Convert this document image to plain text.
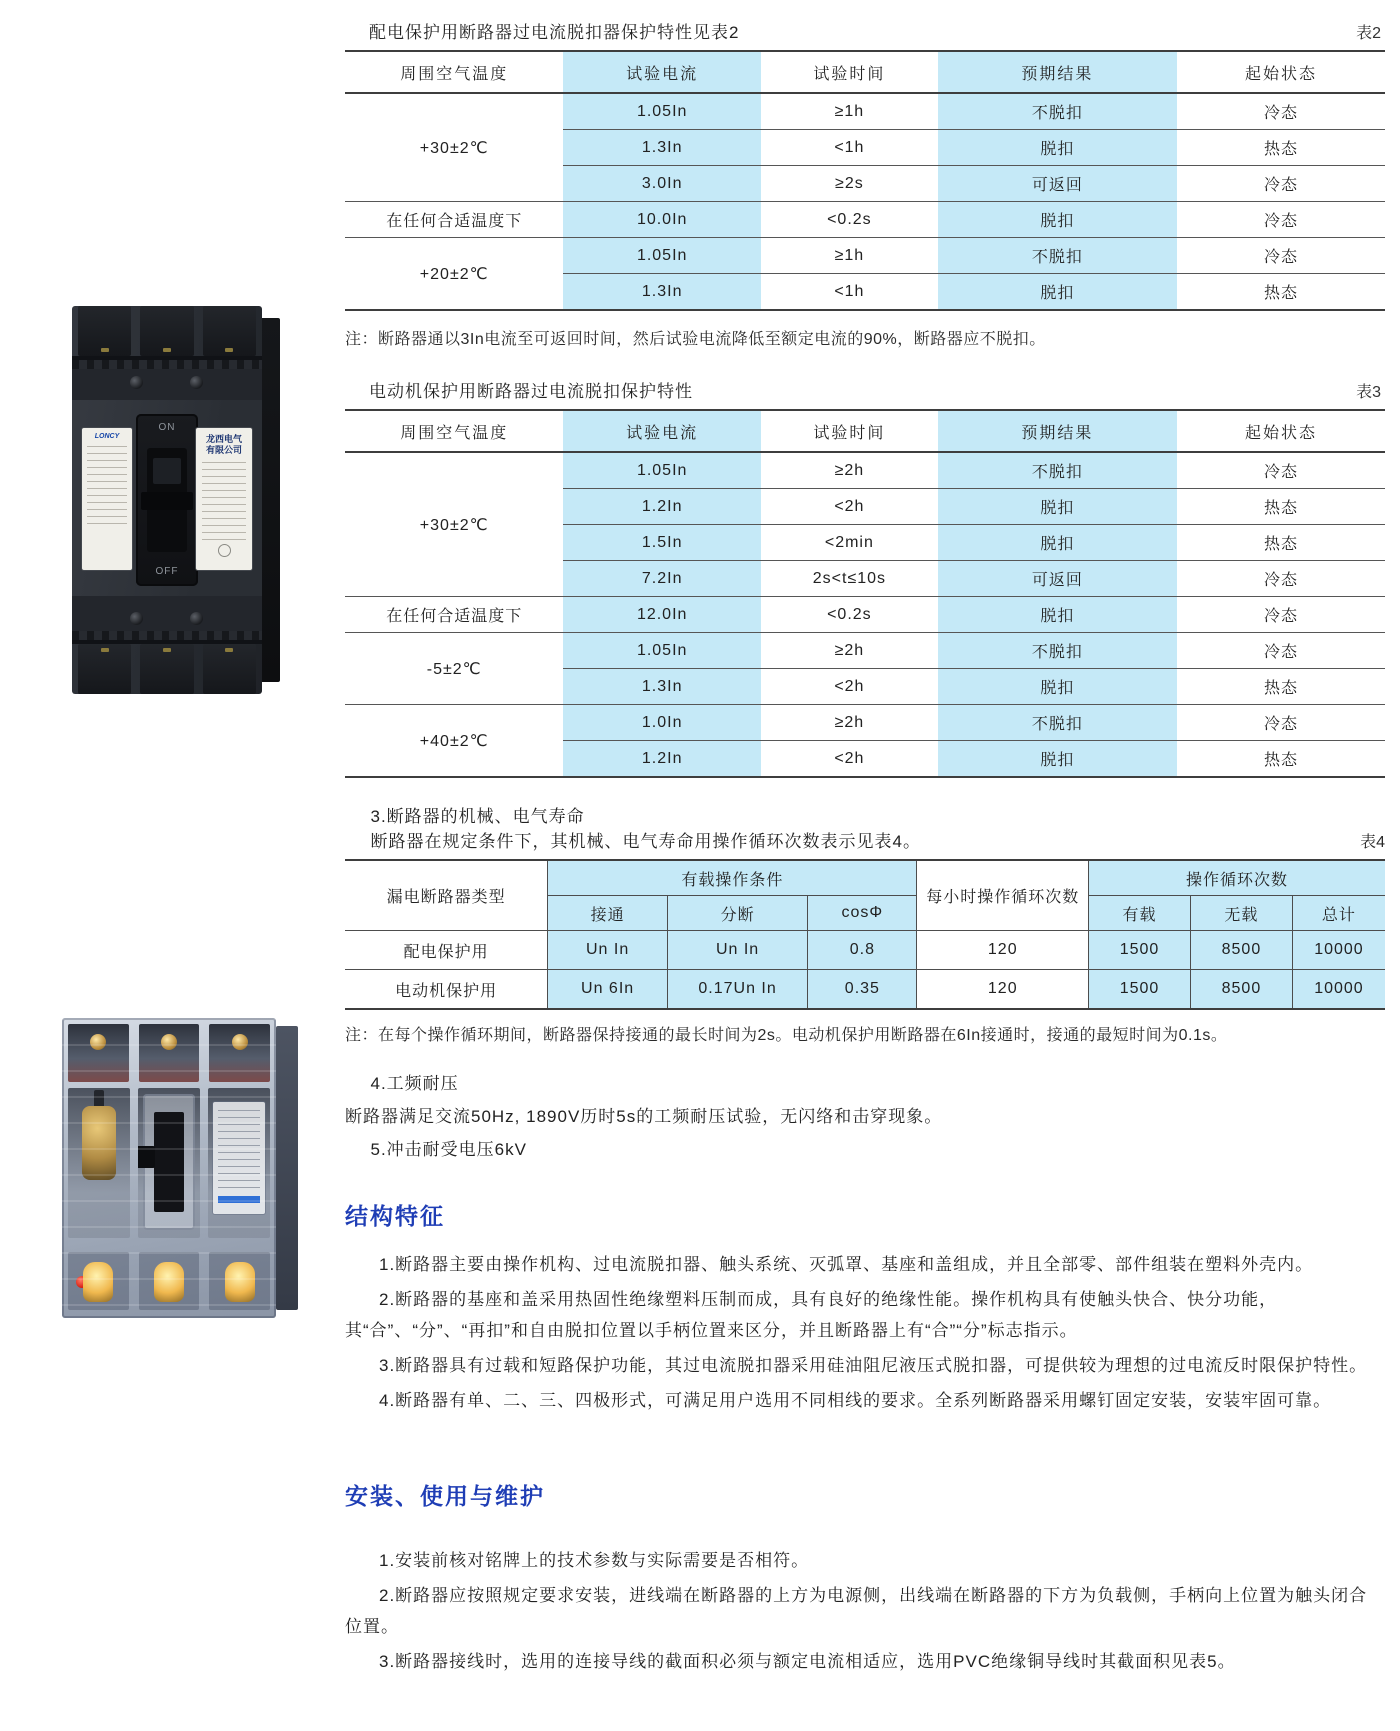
LONCY
ON
OFF
龙西电气有限公司
配电保护用断路器过电流脱扣器保护特性见表2	表2
周围空气温度	试验电流	试验时间	预期结果	起始状态
+30±2℃	1.05In	≥1h	不脱扣	冷态
	1.3In	<1h	脱扣	热态
	3.0In	≥2s	可返回	冷态
在任何合适温度下	10.0In	<0.2s	脱扣	冷态
+20±2℃	1.05In	≥1h	不脱扣	冷态
	1.3In	<1h	脱扣	热态
注：断路器通以3In电流至可返回时间，然后试验电流降低至额定电流的90%，断路器应不脱扣。
电动机保护用断路器过电流脱扣保护特性	表3
周围空气温度	试验电流	试验时间	预期结果	起始状态
+30±2℃	1.05In	≥2h	不脱扣	冷态
	1.2In	<2h	脱扣	热态
	1.5In	<2min	脱扣	热态
	7.2In	2s<t≤10s	可返回	冷态
在任何合适温度下	12.0In	<0.2s	脱扣	冷态
-5±2℃	1.05In	≥2h	不脱扣	冷态
	1.3In	<2h	脱扣	热态
+40±2℃	1.0In	≥2h	不脱扣	冷态
	1.2In	<2h	脱扣	热态
3.断路器的机械、电气寿命
断路器在规定条件下，其机械、电气寿命用操作循环次数表示见表4。	表4
漏电断路器类型	有载操作条件			每小时操作循环次数	操作循环次数		
	接通	分断	cosΦ		有载	无载	总计
配电保护用	Un In	Un In	0.8	120	1500	8500	10000
电动机保护用	Un 6In	0.17Un In	0.35	120	1500	8500	10000
注：在每个操作循环期间，断路器保持接通的最长时间为2s。电动机保护用断路器在6In接通时，接通的最短时间为0.1s。
4.工频耐压
断路器满足交流50Hz, 1890V历时5s的工频耐压试验，无闪络和击穿现象。
5.冲击耐受电压6kV
结构特征
1.断路器主要由操作机构、过电流脱扣器、触头系统、灭弧罩、基座和盖组成，并且全部零、部件组装在塑料外壳内。
2.断路器的基座和盖采用热固性绝缘塑料压制而成，具有良好的绝缘性能。操作机构具有使触头快合、快分功能，其“合”、“分”、“再扣”和自由脱扣位置以手柄位置来区分，并且断路器上有“合”“分”标志指示。
3.断路器具有过载和短路保护功能，其过电流脱扣器采用硅油阻尼液压式脱扣器，可提供较为理想的过电流反时限保护特性。
4.断路器有单、二、三、四极形式，可满足用户选用不同相线的要求。全系列断路器采用螺钉固定安装，安装牢固可靠。
安装、使用与维护
1.安装前核对铭牌上的技术参数与实际需要是否相符。
2.断路器应按照规定要求安装，进线端在断路器的上方为电源侧，出线端在断路器的下方为负载侧，手柄向上位置为触头闭合位置。
3.断路器接线时，选用的连接导线的截面积必须与额定电流相适应，选用PVC绝缘铜导线时其截面积见表5。
